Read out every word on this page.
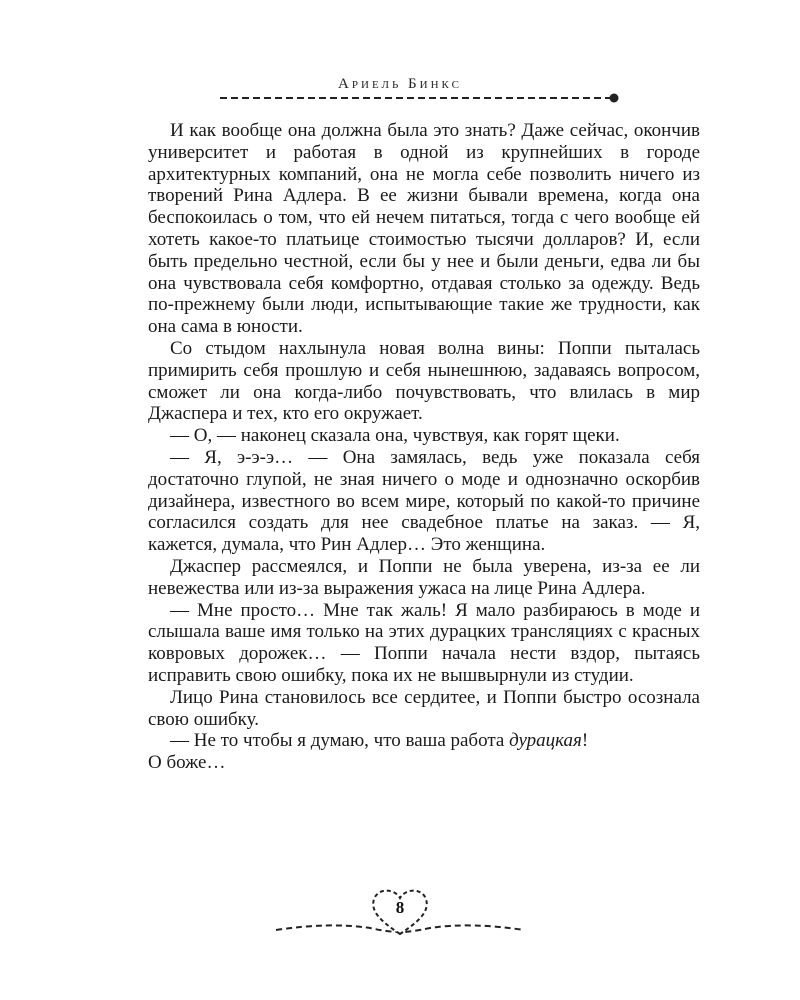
Ариель Бинкс

И как вообще она должна была это знать? Даже сейчас, окончив университет и работая в одной из крупнейших в городе архитектурных компаний, она не могла себе позволить ничего из творений Рина Адлера. В ее жизни бывали времена, когда она беспокоилась о том, что ей нечем питаться, тогда с чего вообще ей хотеть какое-то платьице стоимостью тысячи долларов? И, если быть предельно честной, если бы у нее и были деньги, едва ли бы она чувствовала себя комфортно, отдавая столько за одежду. Ведь по-прежнему были люди, испытывающие такие же трудности, как она сама в юности.

Со стыдом нахлынула новая волна вины: Поппи пыталась примирить себя прошлую и себя нынешнюю, задаваясь вопросом, сможет ли она когда-либо почувствовать, что влилась в мир Джаспера и тех, кто его окружает.

— О, — наконец сказала она, чувствуя, как горят щеки.

— Я, э-э-э… — Она замялась, ведь уже показала себя достаточно глупой, не зная ничего о моде и однозначно оскорбив дизайнера, известного во всем мире, который по какой-то причине согласился создать для нее свадебное платье на заказ. — Я, кажется, думала, что Рин Адлер… Это женщина.

Джаспер рассмеялся, и Поппи не была уверена, из-за ее ли невежества или из-за выражения ужаса на лице Рина Адлера.

— Мне просто… Мне так жаль! Я мало разбираюсь в моде и слышала ваше имя только на этих дурацких трансляциях с красных ковровых дорожек… — Поппи начала нести вздор, пытаясь исправить свою ошибку, пока их не вышвырнули из студии.

Лицо Рина становилось все сердитее, и Поппи быстро осознала свою ошибку.

— Не то чтобы я думаю, что ваша работа дурацкая!

О боже…

8
